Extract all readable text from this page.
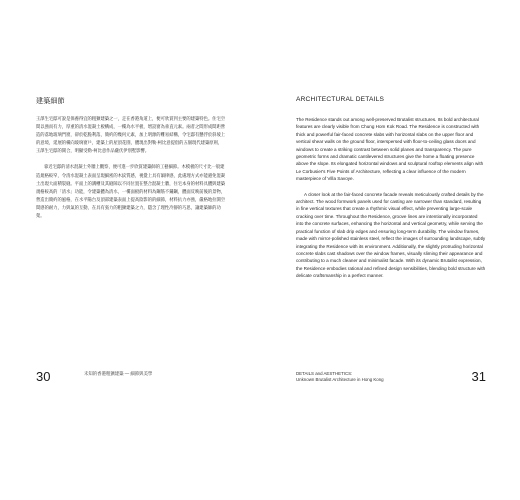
建築細節

王澤生宅邸可說是保養得宜的粗獷建築之一，走在香港角道上，便可欣賞到主要的建築特色。住宅空間以強而有力，厚重的清水混凝土板構成，一樓為水平板，增設窗為垂直元素。兩者之間形成間距營造的落地玻璃門窗，卻於乾脆利落，簡約的幾何元素，加上明源的難易結構，令宅邸有懸浮於斜坡上的意境，延展的橫向玻璃窗戶，建築上的屋頂花園，體現出對勒·柯比意提倡的五個現代建築原則，王澤生宅邸的開合，明顯受勒·柯比意作品薩伏伊別墅影響。

靠近宅邸的清水混凝土外牆上觀察，便可進一步欣賞建築師的工藝細節。木模板的尺寸比一般建造規格較窄，令清水混凝土表面呈現細密的木紋質感，視覺上具有韻律感，此處理方式亦能避免混凝土出現大面積裂縫。平面上的溝槽及其縫隙以不同位置在整合混凝土牆，住宅本身的材料具體與建築規格較高的「清水」功能，令建築體為清水，一樓面板的材料為鋼筋不鏽鋼，體面反映前後的景物，營造出簡約的風格，在水平陽台及頂部建築表面上提高陰影的的細節，材料抗力亦強，嚴格地拉開空間感的耐力，力與氣的互動，在具有張力的粗獷建築之力，隱含了理性冷靜的巧思，讓建築師的功架。

30	未知的香港粗獷建築 — 細節與美學
ARCHITECTURAL DETAILS

The Residence stands out among well-preserved Brutalist structures. Its bold architectural features are clearly visible from Chung Hom Kok Road. The Residence is constructed with thick and powerful fair-faced concrete slabs with horizontal slabs on the upper floor and vertical shear walls on the ground floor, interspersed with floor-to-ceiling glass doors and windows to create a striking contrast between solid planes and transparency. The pure geometric forms and dramatic cantilevered structures give the home a floating presence above the slope. Its elongated horizontal windows and sculptural rooftop elements align with Le Corbusier's Five Points of Architecture, reflecting a clear influence of the modern masterpiece of Villa Savoye.

A closer look at the fair-faced concrete facade reveals meticulously crafted details by the architect. The wood formwork panels used for casting are narrower than standard, resulting in fine vertical textures that create a rhythmic visual effect, while preventing large-scale cracking over time. Throughout the Residence, groove lines are intentionally incorporated into the concrete surfaces, enhancing the horizontal and vertical geometry, while serving the practical function of slab drip edges and ensuring long-term durability. The window frames, made with mirror-polished stainless steel, reflect the images of surrounding landscape, subtly integrating the Residence with its environment. Additionally, the slightly protruding horizontal concrete slabs cast shadows over the window frames, visually sliming their appearance and contributing to a much cleaner and minimalist facade. With its dynamic Brutalist expression, the Residence embodies rational and refined design sensibilities, blending bold structure with delicate craftsmanship in a perfect manner.

DETAILS and AESTHETICS:
Unknown Brutalist Architecture in Hong Kong	31
